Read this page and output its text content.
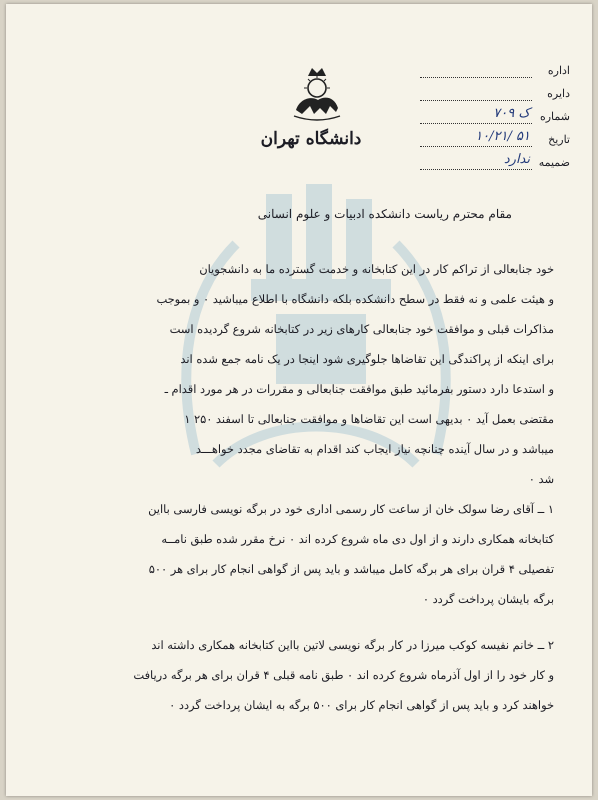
اداره
دایره
شماره
۷۰۹ ک
تاریخ
۱۰/۲۱/ ۵۱
ضمیمه
ندارد
دانشگاه تهران
مقام محترم ریاست دانشکده ادبیات و علوم انسانی

خود جنابعالی از تراکم کار در این کتابخانه و خدمت گسترده ما به دانشجویان

و هیئت علمی و نه فقط در سطح دانشکده بلکه دانشگاه با اطلاع میباشید ۰ و بموجب

مذاکرات قبلی و موافقت خود جنابعالی کارهای زیر در کتابخانه شروع گردیده است

برای اینکه از پراکندگی این تقاضاها جلوگیری شود اینجا در یک نامه جمع شده اند

و استدعا دارد دستور بفرمائید طبق موافقت جنابعالی و مقررات در هر مورد اقدام ـ

مقتضی بعمل آید ۰ بدیهی است این تقاضاها و موافقت جنابعالی تا اسفند ۲۵۰ ۱

میباشد و در سال آینده چنانچه نیاز ایجاب کند اقدام به تقاضای مجدد خواهـــد

شد ۰

۱ ــ آقای رضا سولک خان از ساعت کار رسمی اداری خود در برگه نویسی فارسی بااین

کتابخانه همکاری دارند و از اول دی ماه شروع کرده اند ۰ نرخ مقرر شده طبق نامــه

تفصیلی ۴ قران برای هر برگه کامل میباشد و باید پس از گواهی انجام کار برای هر ۵۰۰

برگه بایشان پرداخت گردد ۰

۲ ــ خانم نفیسه کوکب میرزا در کار برگه نویسی لاتین بااین کتابخانه همکاری داشته اند

و کار خود را از اول آذرماه شروع کرده اند ۰ طبق نامه قبلی ۴ قران برای هر برگه دریافت

خواهند کرد و باید پس از گواهی انجام کار برای ۵۰۰ برگه به ایشان پرداخت گردد ۰
